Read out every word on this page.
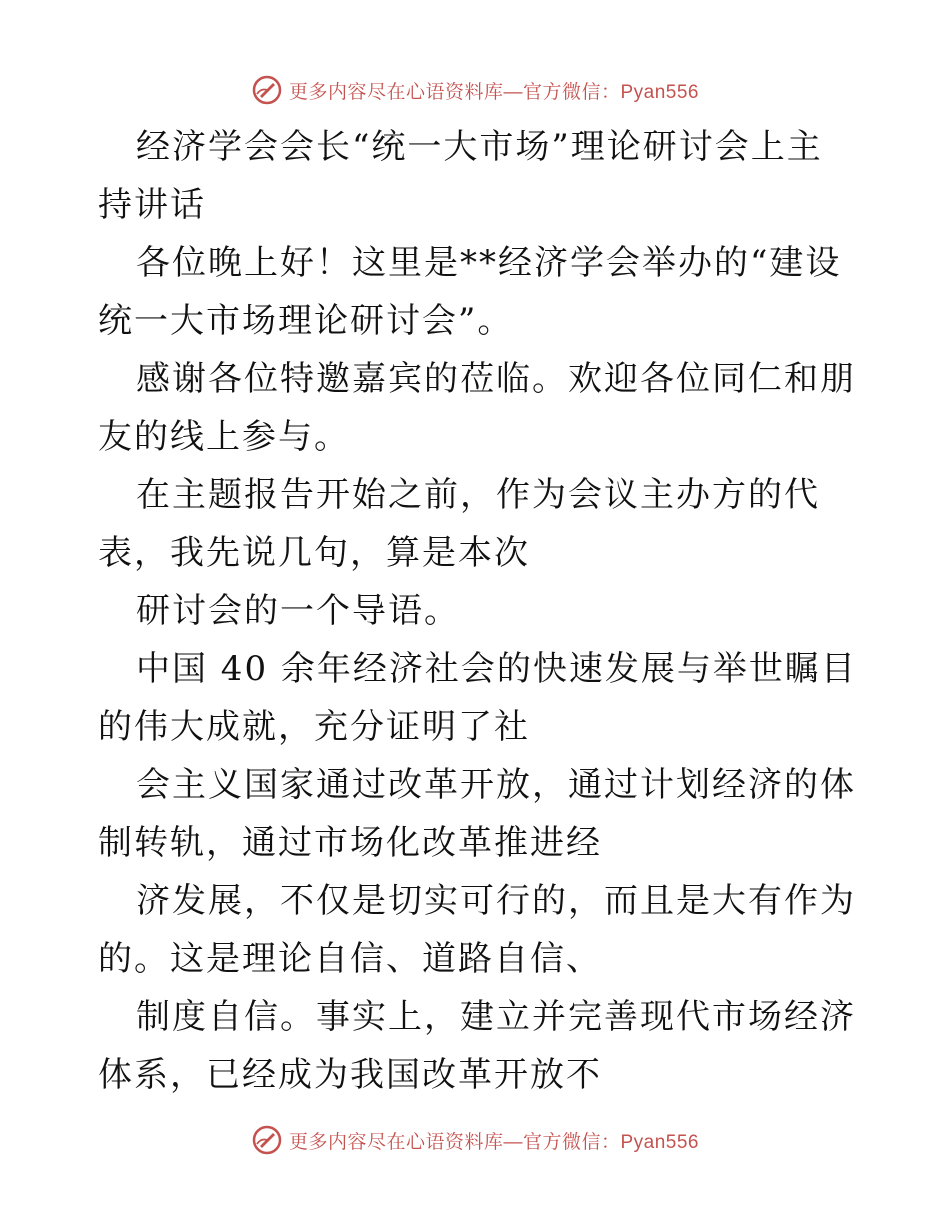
更多内容尽在心语资料库—官方微信：Pyan556

经济学会会长“统一大市场”理论研讨会上主持讲话

各位晚上好！这里是**经济学会举办的“建设统一大市场理论研讨会”。

感谢各位特邀嘉宾的莅临。欢迎各位同仁和朋友的线上参与。

在主题报告开始之前，作为会议主办方的代表，我先说几句，算是本次

研讨会的一个导语。

中国 40 余年经济社会的快速发展与举世瞩目的伟大成就，充分证明了社

会主义国家通过改革开放，通过计划经济的体制转轨，通过市场化改革推进经

济发展，不仅是切实可行的，而且是大有作为的。这是理论自信、道路自信、

制度自信。事实上，建立并完善现代市场经济体系，已经成为我国改革开放不

更多内容尽在心语资料库—官方微信：Pyan556
